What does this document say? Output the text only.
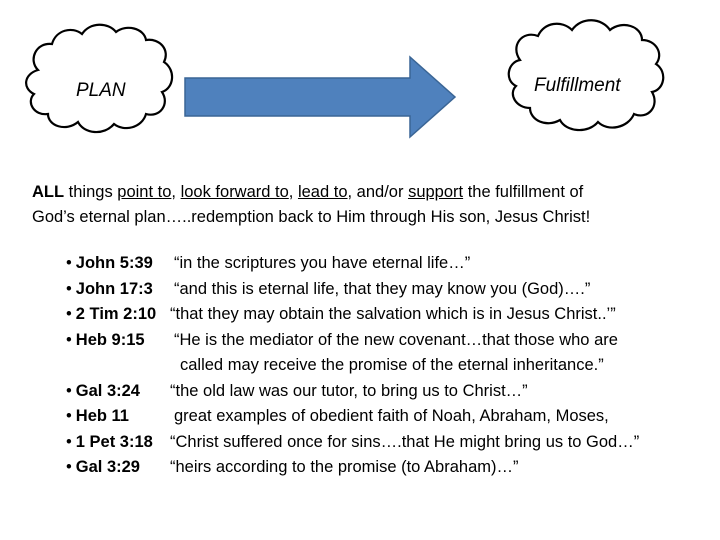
PLAN	Fulfillment
ALL things point to, look forward to, lead to, and/or support the fulfillment of
God’s eternal plan…..redemption back to Him through His son, Jesus Christ!
• John 5:39 “in the scriptures you have eternal life…”
• John 17:3 “and this is eternal life, that they may know you (God)….”
• 2 Tim 2:10 “that they may obtain the salvation which is in Jesus Christ..’”
• Heb 9:15 “He is the mediator of the new covenant…that those who are
called may receive the promise of the eternal inheritance.”
• Gal 3:24 “the old law was our tutor, to bring us to Christ…”
• Heb 11	great examples of obedient faith of Noah, Abraham, Moses,
• 1 Pet 3:18 “Christ suffered once for sins….that He might bring us to God…”
• Gal 3:29 “heirs according to the promise (to Abraham)…”
